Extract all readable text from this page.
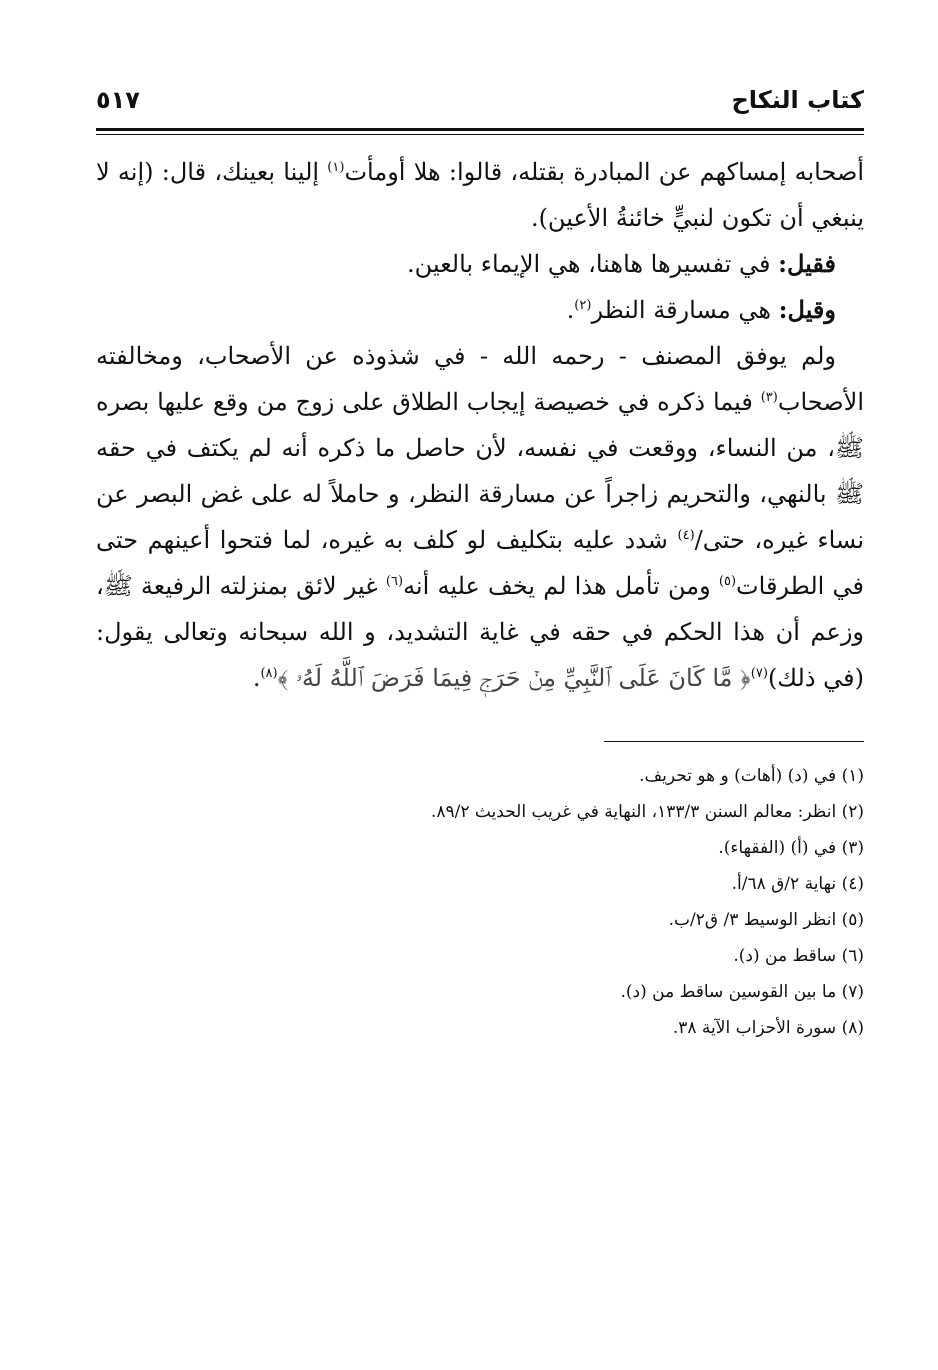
كتاب النكاح
٥١٧

أصحابه إمساكهم عن المبادرة بقتله، قالوا: هلا أومأت$^{(١)}$ إلينا بعينك، قال: (إنه لا ينبغي أن تكون لنبيٍّ خائنةُ الأعين).

فقيل: في تفسيرها هاهنا، هي الإيماء بالعين.

وقيل: هي مسارقة النظر$^{(٢)}$.

ولم يوفق المصنف - رحمه الله - في شذوذه عن الأصحاب، ومخالفته الأصحاب$^{(٣)}$ فيما ذكره في خصيصة إيجاب الطلاق على زوج من وقع عليها بصره ﷺ، من النساء، ووقعت في نفسه، لأن حاصل ما ذكره أنه لم يكتف في حقه ﷺ بالنهي، والتحريم زاجراً عن مسارقة النظر، و حاملاً له على غض البصر عن نساء غيره، حتى/$^{(٤)}$ شدد عليه بتكليف لو كلف به غيره، لما فتحوا أعينهم حتى في الطرقات$^{(٥)}$ ومن تأمل هذا لم يخف عليه أنه$^{(٦)}$ غير لائق بمنزلته الرفيعة ﷺ، وزعم أن هذا الحكم في حقه في غاية التشديد، و الله سبحانه وتعالى يقول: (في ذلك)$^{(٧)}$﴿ مَّا كَانَ عَلَى ٱلنَّبِيِّ مِنۡ حَرَجٖ فِيمَا فَرَضَ ٱللَّهُ لَهُۥ ﴾$^{(٨)}$.

(١) في (د) (أهات) و هو تحريف.

(٢) انظر: معالم السنن ١٣٣/٣، النهاية في غريب الحديث ٨٩/٢.

(٣) في (أ) (الفقهاء).

(٤) نهاية ٢/ق ٦٨/أ.

(٥) انظر الوسيط ٣/ ق٢/ب.

(٦) ساقط من (د).

(٧) ما بين القوسين ساقط من (د).

(٨) سورة الأحزاب الآية ٣٨.
